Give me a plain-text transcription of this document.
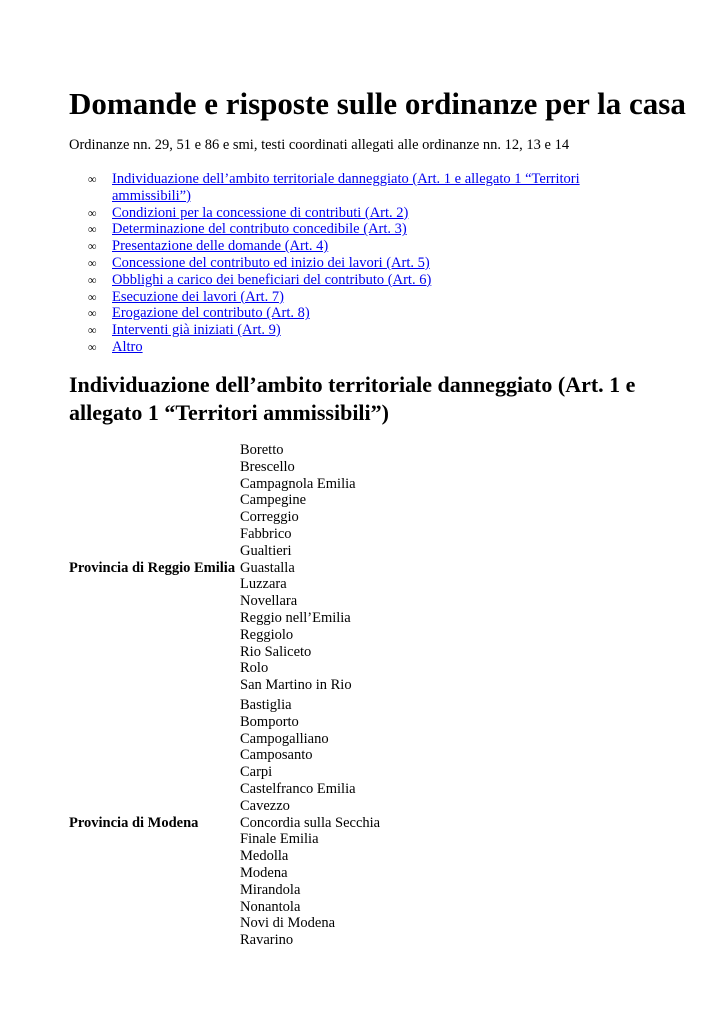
Domande e risposte sulle ordinanze per la casa

Ordinanze nn. 29, 51 e 86 e smi, testi coordinati allegati alle ordinanze nn. 12, 13 e 14

∞ Individuazione dell’ambito territoriale danneggiato (Art. 1 e allegato 1 “Territori ammissibili”)
∞ Condizioni per la concessione di contributi (Art. 2)
∞ Determinazione del contributo concedibile (Art. 3)
∞ Presentazione delle domande (Art. 4)
∞ Concessione del contributo ed inizio dei lavori (Art. 5)
∞ Obblighi a carico dei beneficiari del contributo (Art. 6)
∞ Esecuzione dei lavori (Art. 7)
∞ Erogazione del contributo (Art. 8)
∞ Interventi già iniziati (Art. 9)
∞ Altro
Individuazione dell’ambito territoriale danneggiato (Art. 1 e allegato 1 “Territori ammissibili”)
Provincia di Reggio Emilia
Boretto
Brescello
Campagnola Emilia
Campegine
Correggio
Fabbrico
Gualtieri
Guastalla
Luzzara
Novellara
Reggio nell’Emilia
Reggiolo
Rio Saliceto
Rolo
San Martino in Rio
Provincia di Modena
Bastiglia
Bomporto
Campogalliano
Camposanto
Carpi
Castelfranco Emilia
Cavezzo
Concordia sulla Secchia
Finale Emilia
Medolla
Modena
Mirandola
Nonantola
Novi di Modena
Ravarino
